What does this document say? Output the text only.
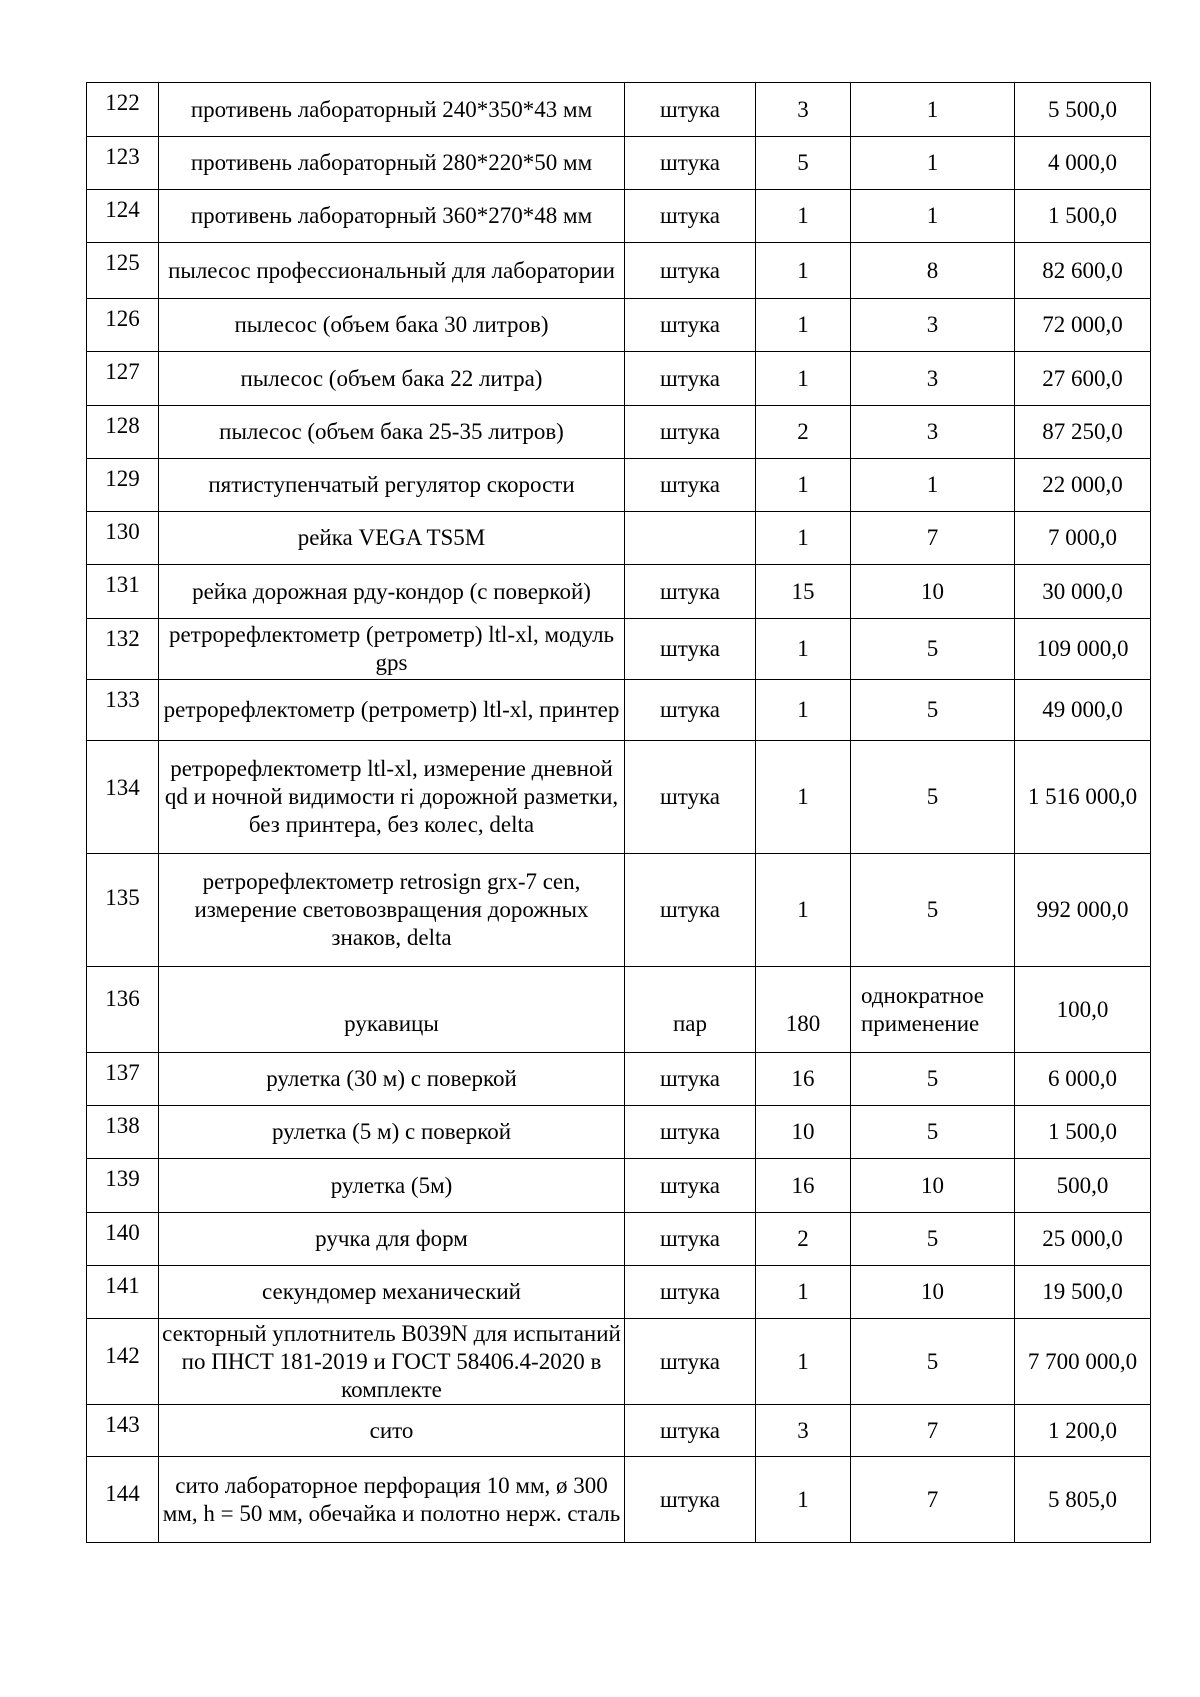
122	противень лабораторный 240*350*43 мм	штука	3	1	5 500,0
123	противень лабораторный 280*220*50 мм	штука	5	1	4 000,0
124	противень лабораторный 360*270*48 мм	штука	1	1	1 500,0
125	пылесос профессиональный для лаборатории	штука	1	8	82 600,0
126	пылесос (объем бака 30 литров)	штука	1	3	72 000,0
127	пылесос (объем бака 22 литра)	штука	1	3	27 600,0
128	пылесос (объем бака 25-35 литров)	штука	2	3	87 250,0
129	пятиступенчатый регулятор скорости	штука	1	1	22 000,0
130	рейка VEGA TS5M		1	7	7 000,0
131	рейка дорожная рду-кондор (с поверкой)	штука	15	10	30 000,0
132	ретрорефлектометр (ретрометр) ltl-xl, модуль gps	штука	1	5	109 000,0
133	ретрорефлектометр (ретрометр) ltl-xl, принтер	штука	1	5	49 000,0
134	ретрорефлектометр ltl-xl, измерение дневной qd и ночной видимости ri дорожной разметки, без принтера, без колес, delta	штука	1	5	1 516 000,0
135	ретрорефлектометр retrosign grx-7 cen, измерение световозвращения дорожных знаков, delta	штука	1	5	992 000,0
136	рукавицы	пар	180	однократное применение	100,0
137	рулетка (30 м) с поверкой	штука	16	5	6 000,0
138	рулетка (5 м) с поверкой	штука	10	5	1 500,0
139	рулетка (5м)	штука	16	10	500,0
140	ручка для форм	штука	2	5	25 000,0
141	секундомер механический	штука	1	10	19 500,0
142	секторный уплотнитель B039N для испытаний по ПНСТ 181-2019 и ГОСТ 58406.4-2020 в комплекте	штука	1	5	7 700 000,0
143	сито	штука	3	7	1 200,0
144	сито лабораторное перфорация 10 мм, ø 300 мм, h = 50 мм, обечайка и полотно нерж. сталь	штука	1	7	5 805,0
